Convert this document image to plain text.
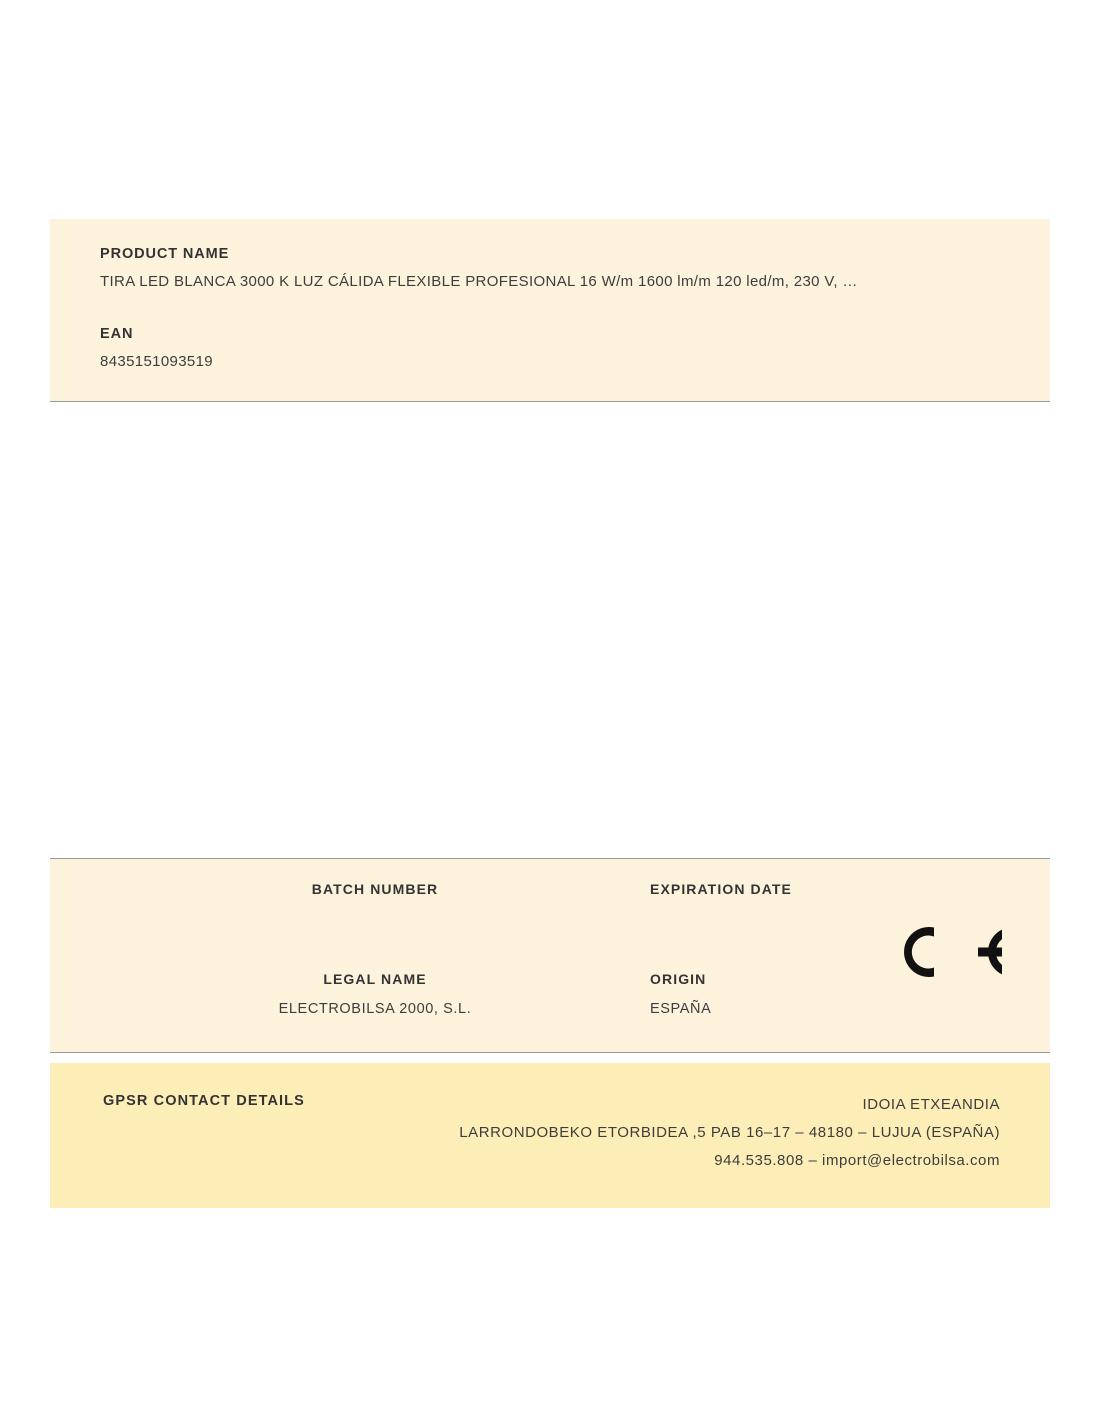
PRODUCT NAME

TIRA LED BLANCA 3000 K LUZ CÁLIDA FLEXIBLE PROFESIONAL 16 W/m 1600 lm/m 120 led/m, 230 V, …

EAN

8435151093519

BATCH NUMBER	EXPIRATION DATE

LEGAL NAME

ELECTROBILSA 2000, S.L.

ORIGIN

ESPAÑA

GPSR CONTACT DETAILS	IDOIA ETXEANDIA
LARRONDOBEKO ETORBIDEA ,5 PAB 16–17 – 48180 – LUJUA (ESPAÑA)
944.535.808 – import@electrobilsa.com
